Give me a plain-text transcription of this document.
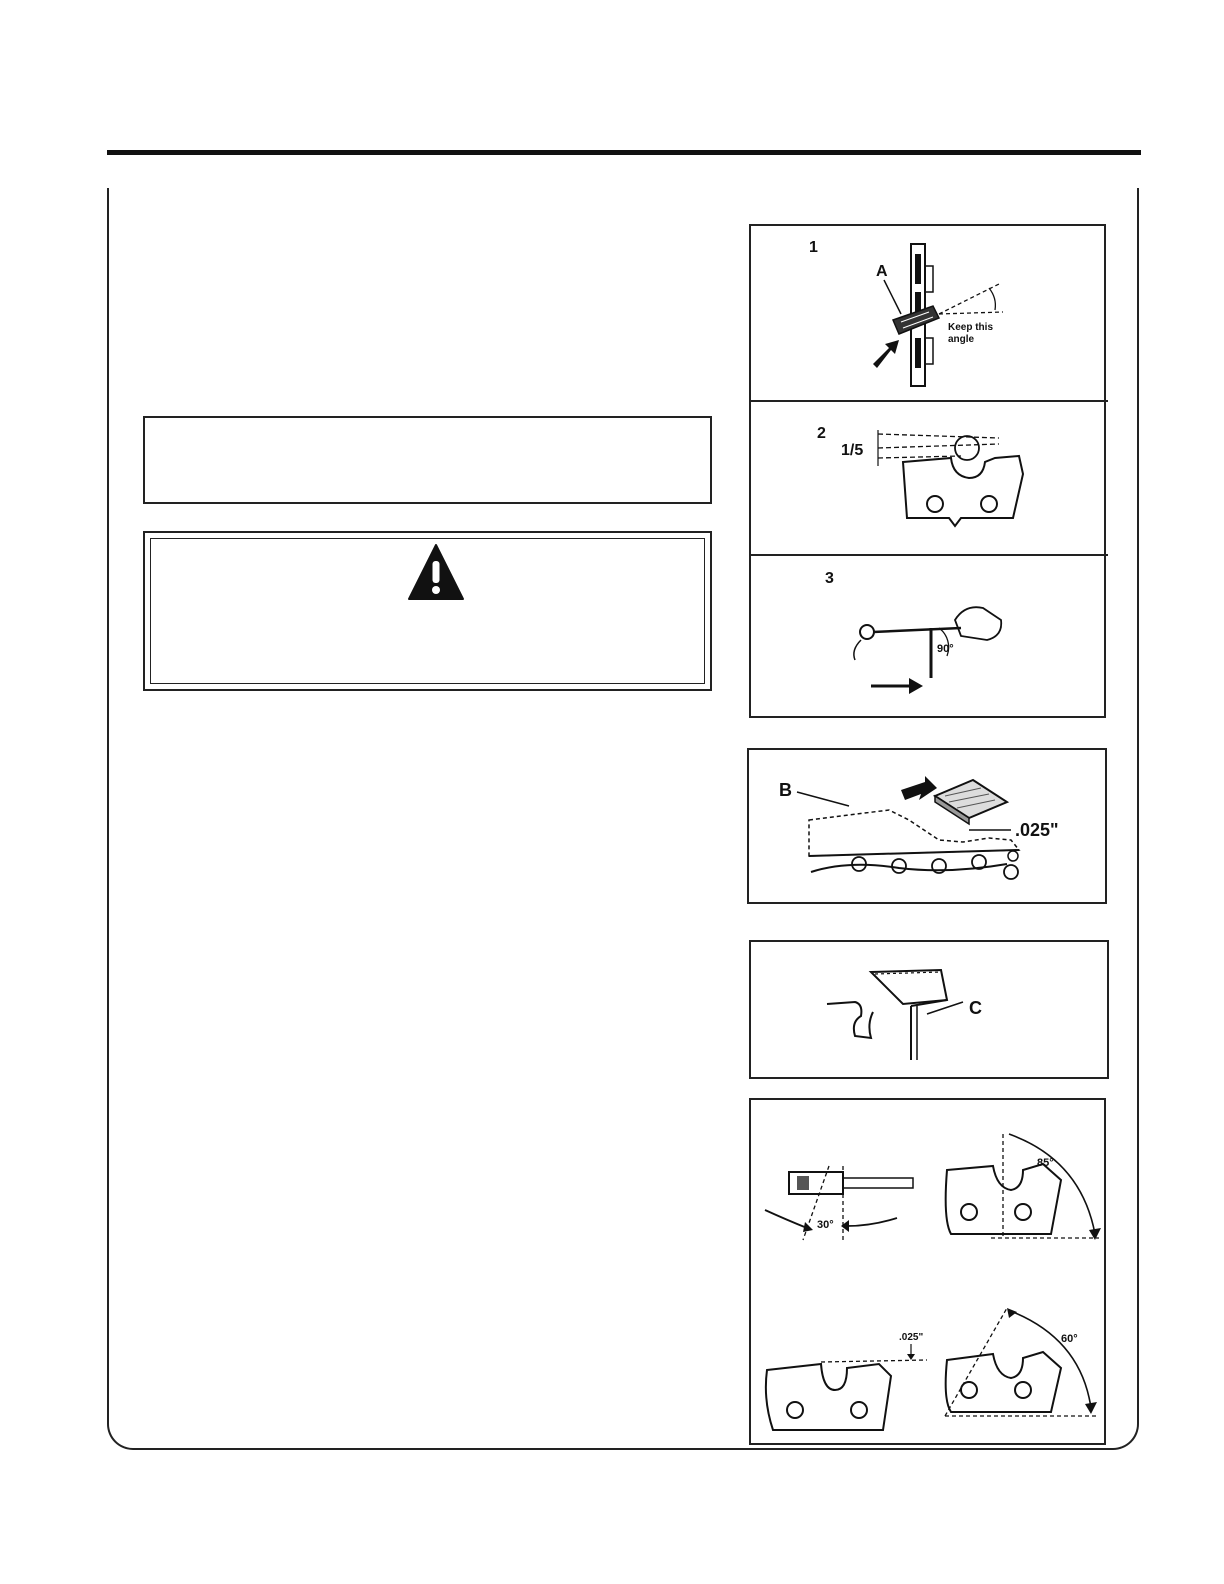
1
A
Keep this
angle
2
1/5
3
90°
B
.025"
C
30°
85°
.025"	60°
